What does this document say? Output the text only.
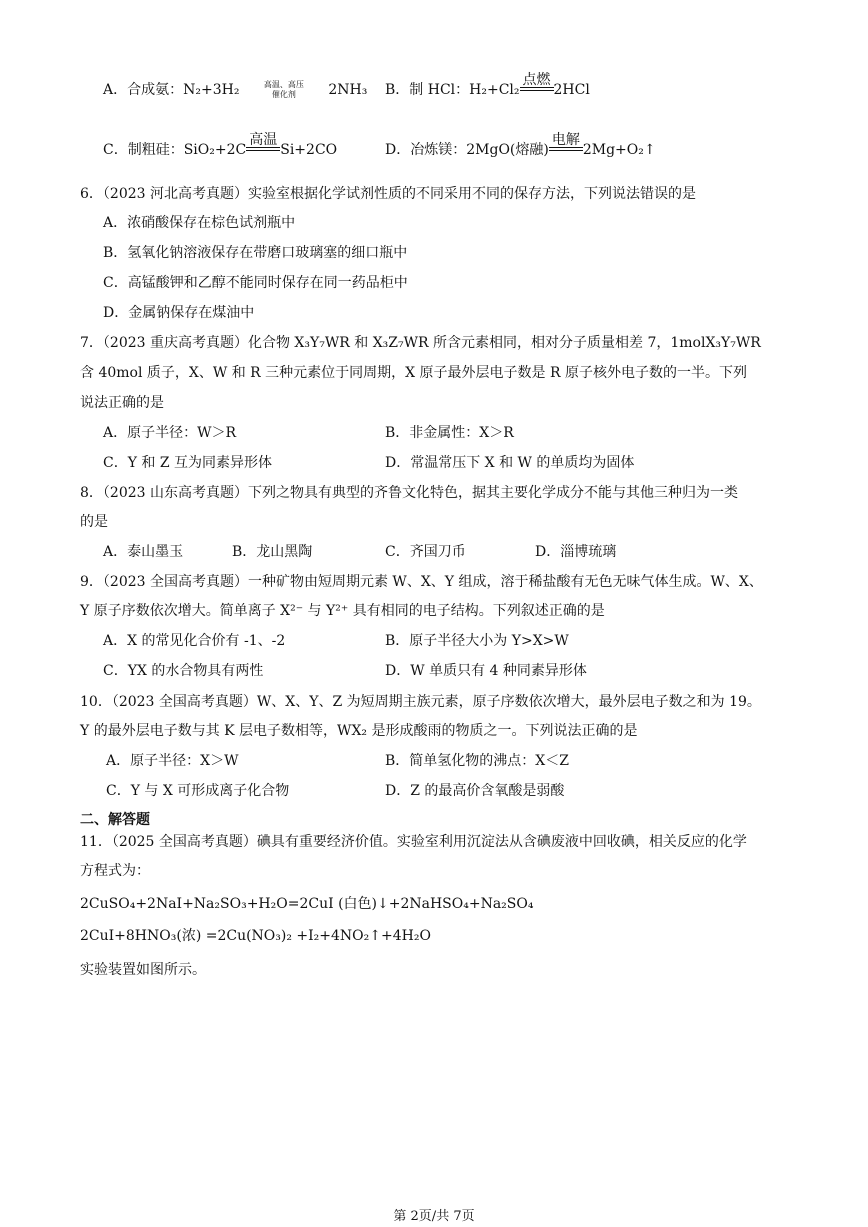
A．合成氨：N₂+3H₂	高温、高压
催化剂	2NH₃ B．制 HCl：H₂+Cl₂
点燃
2HCl
C．制粗硅：SiO₂+2C
高温
Si+2CO	D．冶炼镁：2MgO(熔融)
电解
2Mg+O₂↑
6．（2023 河北高考真题）实验室根据化学试剂性质的不同采用不同的保存方法，下列说法错误的是
A．浓硝酸保存在棕色试剂瓶中
B．氢氧化钠溶液保存在带磨口玻璃塞的细口瓶中
C．高锰酸钾和乙醇不能同时保存在同一药品柜中
D．金属钠保存在煤油中
7．（2023 重庆高考真题）化合物 X₃Y₇WR 和 X₃Z₇WR 所含元素相同，相对分子质量相差 7，1molX₃Y₇WR
含 40mol 质子，X、W 和 R 三种元素位于同周期，X 原子最外层电子数是 R 原子核外电子数的一半。下列
说法正确的是
A．原子半径：W＞R	B．非金属性：X＞R
C．Y 和 Z 互为同素异形体	D．常温常压下 X 和 W 的单质均为固体
8．（2023 山东高考真题）下列之物具有典型的齐鲁文化特色，据其主要化学成分不能与其他三种归为一类
的是
A．泰山墨玉	B．龙山黑陶	C．齐国刀币	D．淄博琉璃
9．（2023 全国高考真题）一种矿物由短周期元素 W、X、Y 组成，溶于稀盐酸有无色无味气体生成。W、X、
Y 原子序数依次增大。简单离子 X²⁻ 与 Y²⁺ 具有相同的电子结构。下列叙述正确的是
A．X 的常见化合价有 -1、-2	B．原子半径大小为 Y>X>W
C．YX 的水合物具有两性	D．W 单质只有 4 种同素异形体
10．（2023 全国高考真题）W、X、Y、Z 为短周期主族元素，原子序数依次增大，最外层电子数之和为 19。
Y 的最外层电子数与其 K 层电子数相等，WX₂ 是形成酸雨的物质之一。下列说法正确的是
A．原子半径：X＞W	B．简单氢化物的沸点：X＜Z
C．Y 与 X 可形成离子化合物	D．Z 的最高价含氧酸是弱酸
二、解答题
11．（2025 全国高考真题）碘具有重要经济价值。实验室利用沉淀法从含碘废液中回收碘，相关反应的化学
方程式为：
2CuSO₄+2NaI+Na₂SO₃+H₂O=2CuI (白色)↓+2NaHSO₄+Na₂SO₄
2CuI+8HNO₃(浓) =2Cu(NO₃)₂ +I₂+4NO₂↑+4H₂O
实验装置如图所示。
第 2页/共 7页
